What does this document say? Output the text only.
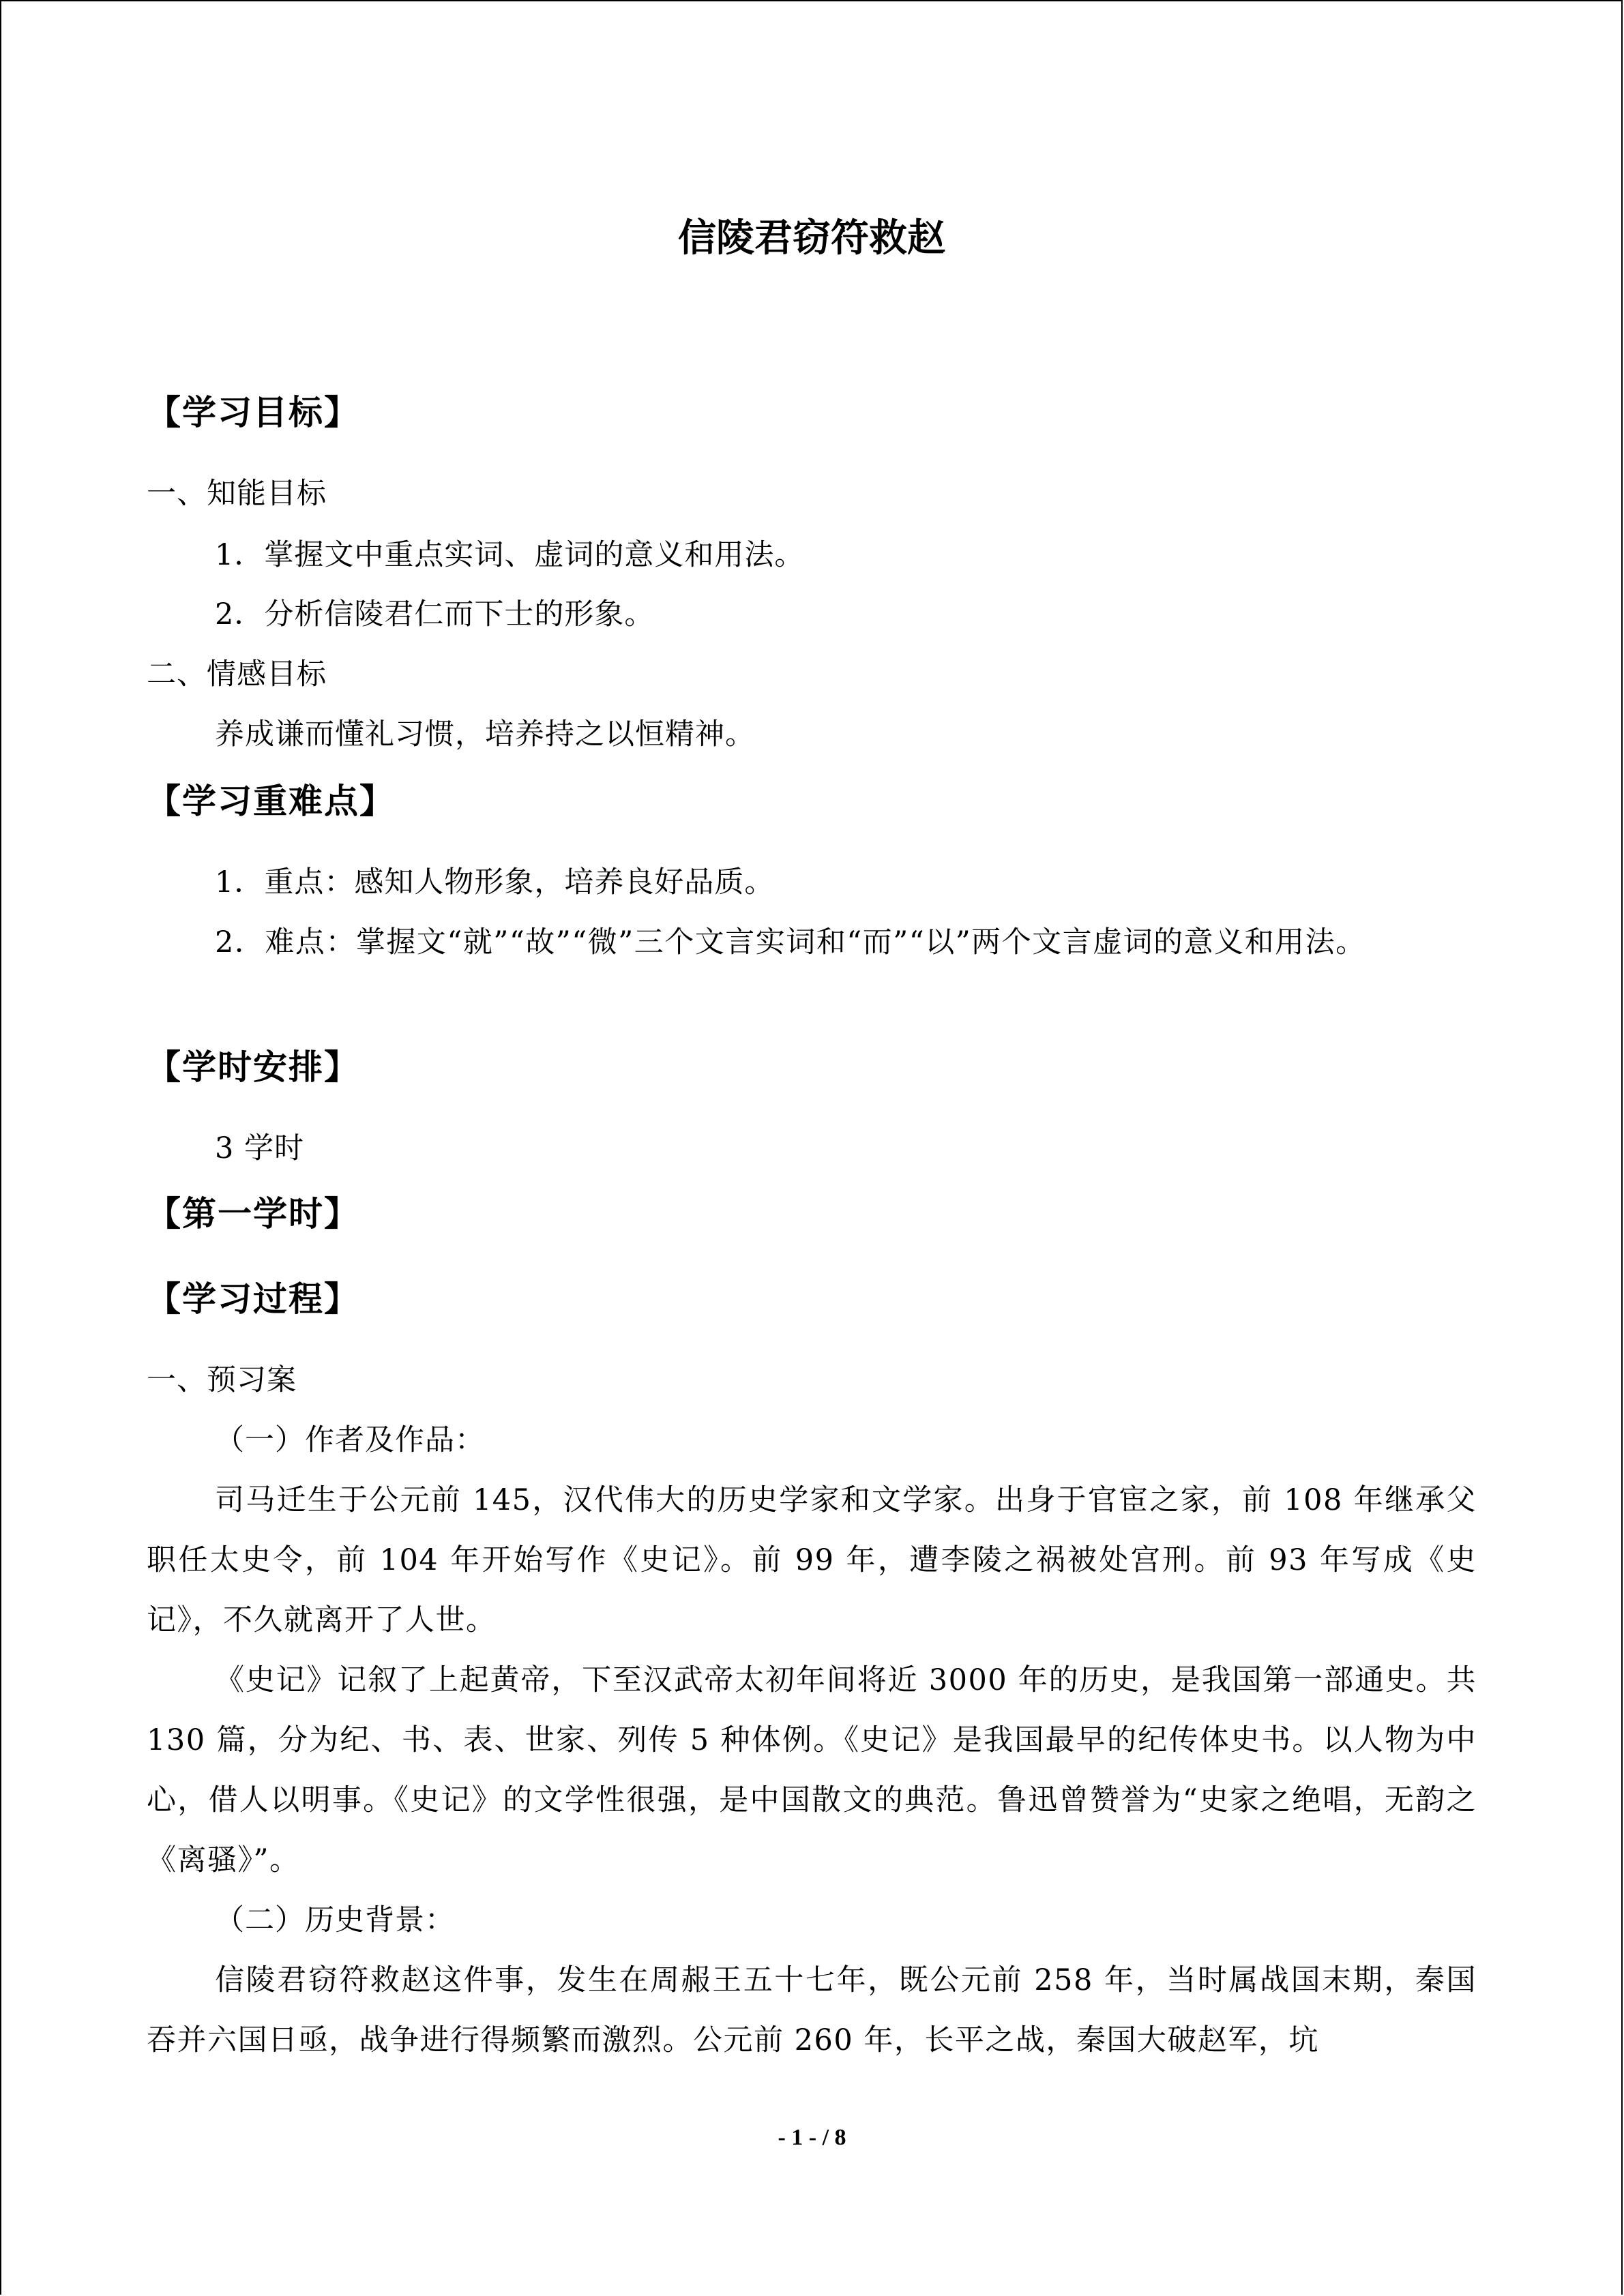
信陵君窃符救赵
【学习目标】
一、知能目标
1．掌握文中重点实词、虚词的意义和用法。
2．分析信陵君仁而下士的形象。
二、情感目标
养成谦而懂礼习惯，培养持之以恒精神。
【学习重难点】
1．重点：感知人物形象，培养良好品质。
2．难点：掌握文“就”“故”“微”三个文言实词和“而”“以”两个文言虚词的意义和用法。
【学时安排】
3 学时
【第一学时】
【学习过程】
一、预习案
（一）作者及作品：
司马迁生于公元前 145，汉代伟大的历史学家和文学家。出身于官宦之家，前 108 年继承父职任太史令，前 104 年开始写作《史记》。前 99 年，遭李陵之祸被处宫刑。前 93 年写成《史记》，不久就离开了人世。
《史记》记叙了上起黄帝，下至汉武帝太初年间将近 3000 年的历史，是我国第一部通史。共 130 篇，分为纪、书、表、世家、列传 5 种体例。《史记》是我国最早的纪传体史书。以人物为中心，借人以明事。《史记》的文学性很强，是中国散文的典范。鲁迅曾赞誉为“史家之绝唱，无韵之《离骚》”。
（二）历史背景：
信陵君窃符救赵这件事，发生在周赧王五十七年，既公元前 258 年，当时属战国末期，秦国吞并六国日亟，战争进行得频繁而激烈。公元前 260 年，长平之战，秦国大破赵军，坑
- 1 - / 8
